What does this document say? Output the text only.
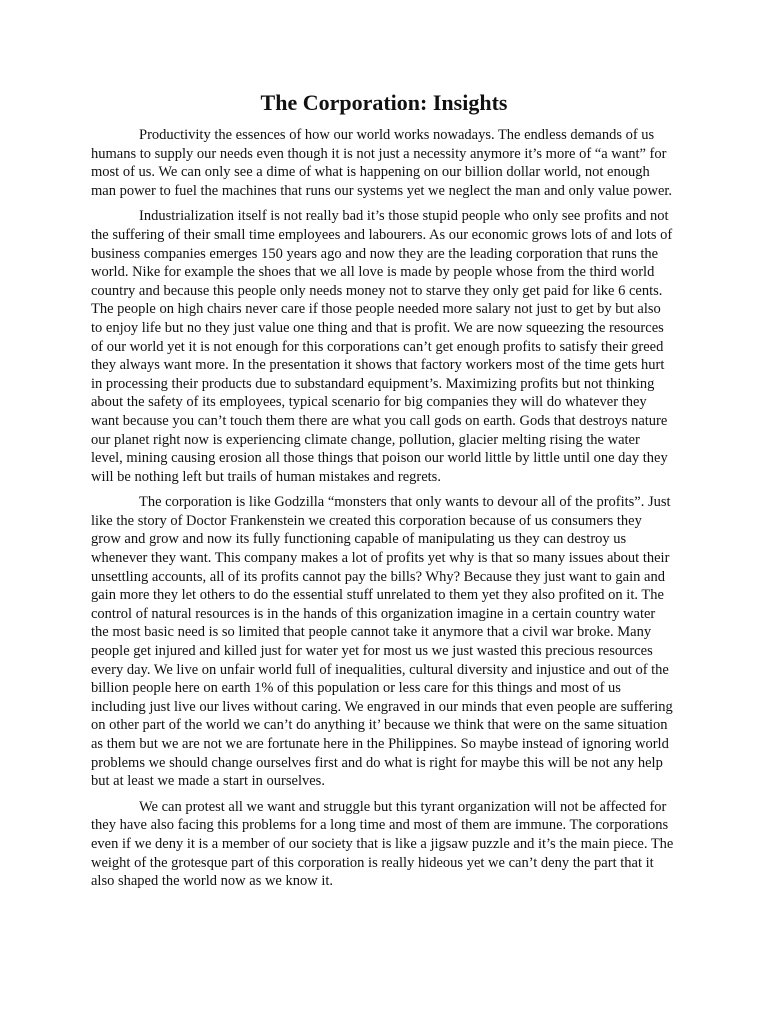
The Corporation: Insights

Productivity the essences of how our world works nowadays. The endless demands of us humans to supply our needs even though it is not just a necessity anymore it’s more of “a want” for most of us. We can only see a dime of what is happening on our billion dollar world, not enough man power to fuel the machines that runs our systems yet we neglect the man and only value power.

Industrialization itself is not really bad it’s those stupid people who only see profits and not the suffering of their small time employees and labourers. As our economic grows lots of and lots of business companies emerges 150 years ago and now they are the leading corporation that runs the world. Nike for example the shoes that we all love is made by people whose from the third world country and because this people only needs money not to starve they only get paid for like 6 cents. The people on high chairs never care if those people needed more salary not just to get by but also to enjoy life but no they just value one thing and that is profit. We are now squeezing the resources of our world yet it is not enough for this corporations can’t get enough profits to satisfy their greed they always want more. In the presentation it shows that factory workers most of the time gets hurt in processing their products due to substandard equipment’s. Maximizing profits but not thinking about the safety of its employees, typical scenario for big companies they will do whatever they want because you can’t touch them there are what you call gods on earth. Gods that destroys nature our planet right now is experiencing climate change, pollution, glacier melting rising the water level, mining causing erosion all those things that poison our world little by little until one day they will be nothing left but trails of human mistakes and regrets.

The corporation is like Godzilla “monsters that only wants to devour all of the profits”. Just like the story of Doctor Frankenstein we created this corporation because of us consumers they grow and grow and now its fully functioning capable of manipulating us they can destroy us whenever they want. This company makes a lot of profits yet why is that so many issues about their unsettling accounts, all of its profits cannot pay the bills? Why? Because they just want to gain and gain more they let others to do the essential stuff unrelated to them yet they also profited on it. The control of natural resources is in the hands of this organization imagine in a certain country water the most basic need is so limited that people cannot take it anymore that a civil war broke. Many people get injured and killed just for water yet for most us we just wasted this precious resources every day. We live on unfair world full of inequalities, cultural diversity and injustice and out of the billion people here on earth 1% of this population or less care for this things and most of us including just live our lives without caring. We engraved in our minds that even people are suffering on other part of the world we can’t do anything it’ because we think that were on the same situation as them but we are not we are fortunate here in the Philippines. So maybe instead of ignoring world problems we should change ourselves first and do what is right for maybe this will be not any help but at least we made a start in ourselves.

We can protest all we want and struggle but this tyrant organization will not be affected for they have also facing this problems for a long time and most of them are immune. The corporations even if we deny it is a member of our society that is like a jigsaw puzzle and it’s the main piece. The weight of the grotesque part of this corporation is really hideous yet we can’t deny the part that it also shaped the world now as we know it.
